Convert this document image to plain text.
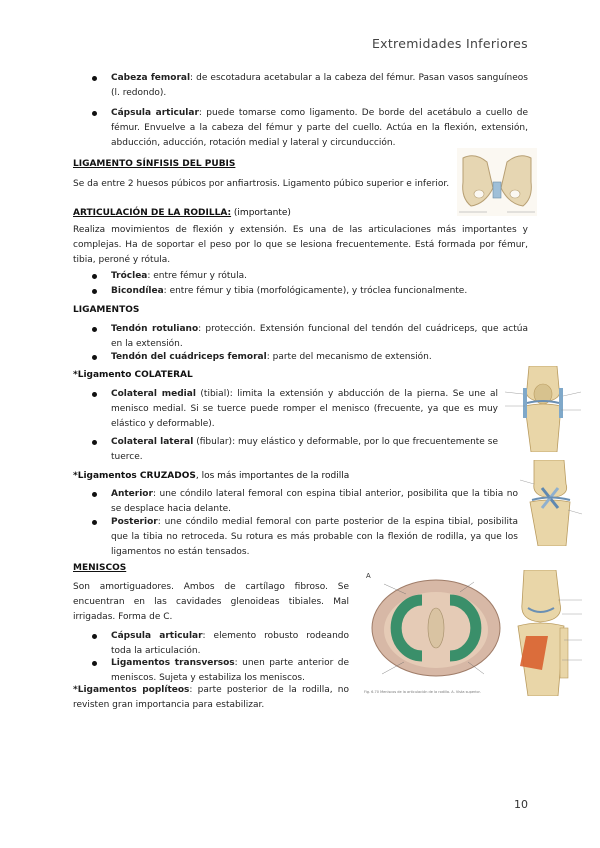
Extremidades Inferiores
Cabeza femoral: de escotadura acetabular a la cabeza del fémur. Pasan vasos sanguíneos (l. redondo).
Cápsula articular: puede tomarse como ligamento. De borde del acetábulo a cuello de fémur. Envuelve a la cabeza del fémur y parte del cuello. Actúa en la flexión, extensión, abducción, aducción, rotación medial y lateral y circunducción.
LIGAMENTO SÍNFISIS DEL PUBIS

Se da entre 2 huesos púbicos por anfiartrosis. Ligamento púbico superior e inferior.

ARTICULACIÓN DE LA RODILLA: (importante)

Realiza movimientos de flexión y extensión. Es una de las articulaciones más importantes y complejas. Ha de soportar el peso por lo que se lesiona frecuentemente. Está formada por fémur, tibia, peroné y rótula.

Tróclea: entre fémur y rótula.
Bicondílea: entre fémur y tibia (morfológicamente), y tróclea funcionalmente.
LIGAMENTOS
Tendón rotuliano: protección. Extensión funcional del tendón del cuádriceps, que actúa en la extensión.
Tendón del cuádriceps femoral: parte del mecanismo de extensión.
*Ligamento COLATERAL
Colateral medial (tibial): limita la extensión y abducción de la pierna. Se une al menisco medial. Si se tuerce puede romper el menisco (frecuente, ya que es muy elástico y deformable).
Colateral lateral (fibular): muy elástico y deformable, por lo que frecuentemente se tuerce.
*Ligamentos CRUZADOS, los más importantes de la rodilla
Anterior: une cóndilo lateral femoral con espina tibial anterior, posibilita que la tibia no se desplace hacia delante.
Posterior: une cóndilo medial femoral con parte posterior de la espina tibial, posibilita que la tibia no retroceda. Su rotura es más probable con la flexión de rodilla, ya que los ligamentos no están tensados.
MENISCOS

Son amortiguadores. Ambos de cartílago fibroso. Se encuentran en las cavidades glenoideas tibiales. Mal irrigadas. Forma de C.

Cápsula articular: elemento robusto rodeando toda la articulación.
Ligamentos transversos: unen parte anterior de meniscos. Sujeta y estabiliza los meniscos.

*Ligamentos poplíteos: parte posterior de la rodilla, no revisten gran importancia para estabilizar.

A
Fig. 6.70 Meniscos de la articulación de la rodilla. A. Vista superior.
10
